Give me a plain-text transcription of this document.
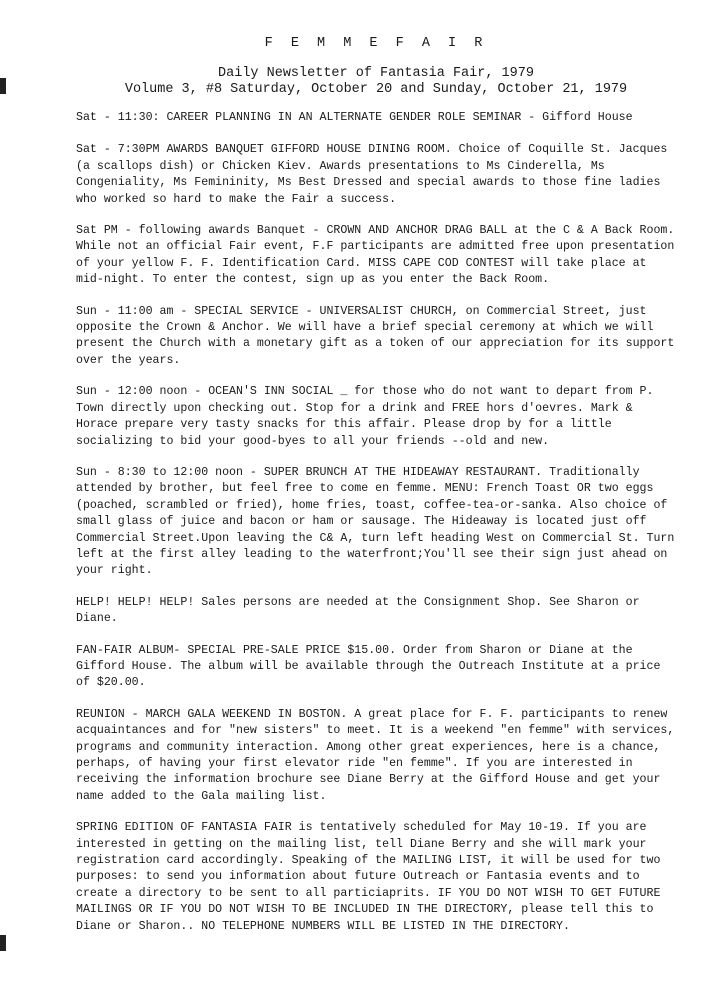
F E M M E F A I R
Daily Newsletter of Fantasia Fair, 1979
Volume 3, #8 Saturday, October 20 and Sunday, October 21, 1979

Sat - 11:30: CAREER PLANNING IN AN ALTERNATE GENDER ROLE SEMINAR - Gifford House

Sat - 7:30PM AWARDS BANQUET GIFFORD HOUSE DINING ROOM. Choice of Coquille St. Jacques (a scallops dish) or Chicken Kiev. Awards presentations to Ms Cinderella, Ms Congeniality, Ms Femininity, Ms Best Dressed and special awards to those fine ladies who worked so hard to make the Fair a success.

Sat PM - following awards Banquet - CROWN AND ANCHOR DRAG BALL at the C & A Back Room. While not an official Fair event, F.F participants are admitted free upon presentation of your yellow F. F. Identification Card. MISS CAPE COD CONTEST will take place at mid-night. To enter the contest, sign up as you enter the Back Room.

Sun - 11:00 am - SPECIAL SERVICE - UNIVERSALIST CHURCH, on Commercial Street, just opposite the Crown & Anchor. We will have a brief special ceremony at which we will present the Church with a monetary gift as a token of our appreciation for its support over the years.

Sun - 12:00 noon - OCEAN'S INN SOCIAL _ for those who do not want to depart from P. Town directly upon checking out. Stop for a drink and FREE hors d'oevres. Mark & Horace prepare very tasty snacks for this affair. Please drop by for a little socializing to bid your good-byes to all your friends --old and new.

Sun - 8:30 to 12:00 noon - SUPER BRUNCH AT THE HIDEAWAY RESTAURANT. Traditionally attended by brother, but feel free to come en femme. MENU: French Toast OR two eggs (poached, scrambled or fried), home fries, toast, coffee-tea-or-sanka. Also choice of small glass of juice and bacon or ham or sausage. The Hideaway is located just off Commercial Street.Upon leaving the C& A, turn left heading West on Commercial St. Turn left at the first alley leading to the waterfront;You'll see their sign just ahead on your right.

HELP! HELP! HELP! Sales persons are needed at the Consignment Shop. See Sharon or Diane.

FAN-FAIR ALBUM- SPECIAL PRE-SALE PRICE $15.00. Order from Sharon or Diane at the Gifford House. The album will be available through the Outreach Institute at a price of $20.00.

REUNION - MARCH GALA WEEKEND IN BOSTON. A great place for F. F. participants to renew acquaintances and for "new sisters" to meet. It is a weekend "en femme" with services, programs and community interaction. Among other great experiences, here is a chance, perhaps, of having your first elevator ride "en femme". If you are interested in receiving the information brochure see Diane Berry at the Gifford House and get your name added to the Gala mailing list.

SPRING EDITION OF FANTASIA FAIR is tentatively scheduled for May 10-19. If you are interested in getting on the mailing list, tell Diane Berry and she will mark your registration card accordingly. Speaking of the MAILING LIST, it will be used for two purposes: to send you information about future Outreach or Fantasia events and to create a directory to be sent to all particiaprits. IF YOU DO NOT WISH TO GET FUTURE MAILINGS OR IF YOU DO NOT WISH TO BE INCLUDED IN THE DIRECTORY, please tell this to Diane or Sharon.. NO TELEPHONE NUMBERS WILL BE LISTED IN THE DIRECTORY.
